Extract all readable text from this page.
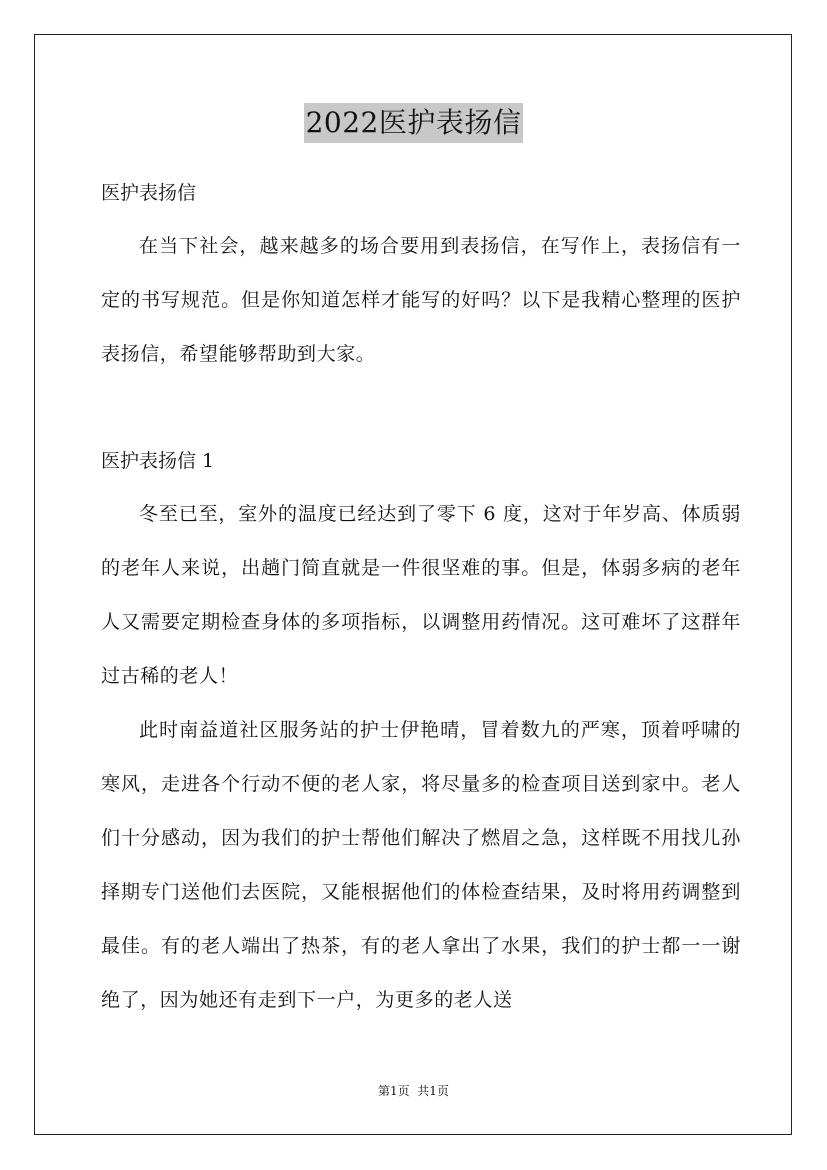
2022医护表扬信

医护表扬信

在当下社会，越来越多的场合要用到表扬信，在写作上，表扬信有一定的书写规范。但是你知道怎样才能写的好吗？以下是我精心整理的医护表扬信，希望能够帮助到大家。

医护表扬信 1

冬至已至，室外的温度已经达到了零下 6 度，这对于年岁高、体质弱的老年人来说，出趟门简直就是一件很坚难的事。但是，体弱多病的老年人又需要定期检查身体的多项指标，以调整用药情况。这可难坏了这群年过古稀的老人！

此时南益道社区服务站的护士伊艳晴，冒着数九的严寒，顶着呼啸的寒风，走进各个行动不便的老人家，将尽量多的检查项目送到家中。老人们十分感动，因为我们的护士帮他们解决了燃眉之急，这样既不用找儿孙择期专门送他们去医院，又能根据他们的体检查结果，及时将用药调整到最佳。有的老人端出了热茶，有的老人拿出了水果，我们的护士都一一谢绝了，因为她还有走到下一户，为更多的老人送

第1页  共1页
